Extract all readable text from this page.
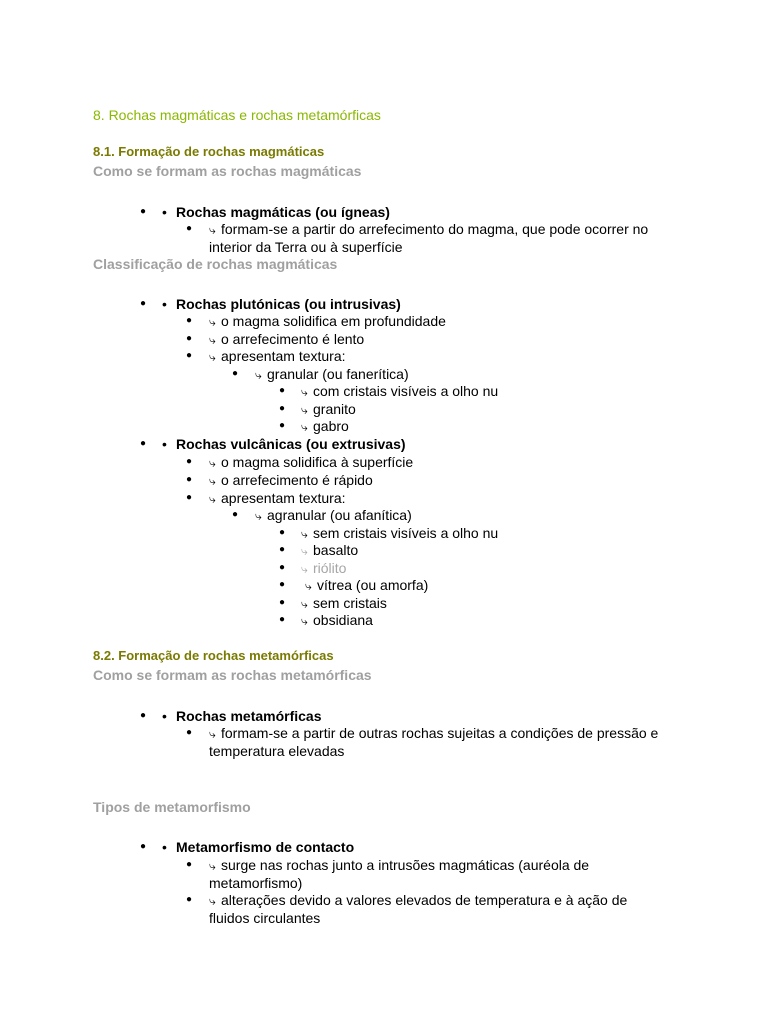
8. Rochas magmáticas e rochas metamórficas
8.1. Formação de rochas magmáticas
Como se formam as rochas magmáticas
● • Rochas magmáticas (ou ígneas)
● ⤷ formam-se a partir do arrefecimento do magma, que pode ocorrer no
interior da Terra ou à superfície
Classificação de rochas magmáticas
● • Rochas plutónicas (ou intrusivas)
● ⤷ o magma solidifica em profundidade
● ⤷ o arrefecimento é lento
● ⤷ apresentam textura:
● ⤷ granular (ou fanerítica)
● ⤷ com cristais visíveis a olho nu
● ⤷ granito
● ⤷ gabro
● • Rochas vulcânicas (ou extrusivas)
● ⤷ o magma solidifica à superfície
● ⤷ o arrefecimento é rápido
● ⤷ apresentam textura:
● ⤷ agranular (ou afanítica)
● ⤷ sem cristais visíveis a olho nu
● ⤷ basalto
● ⤷ riólito
● ⤷ vítrea (ou amorfa)
● ⤷ sem cristais
● ⤷ obsidiana
8.2. Formação de rochas metamórficas
Como se formam as rochas metamórficas
● • Rochas metamórficas
● ⤷ formam-se a partir de outras rochas sujeitas a condições de pressão e
temperatura elevadas
Tipos de metamorfismo
● • Metamorfismo de contacto
● ⤷ surge nas rochas junto a intrusões magmáticas (auréola de
metamorfismo)
● ⤷ alterações devido a valores elevados de temperatura e à ação de
fluidos circulantes
